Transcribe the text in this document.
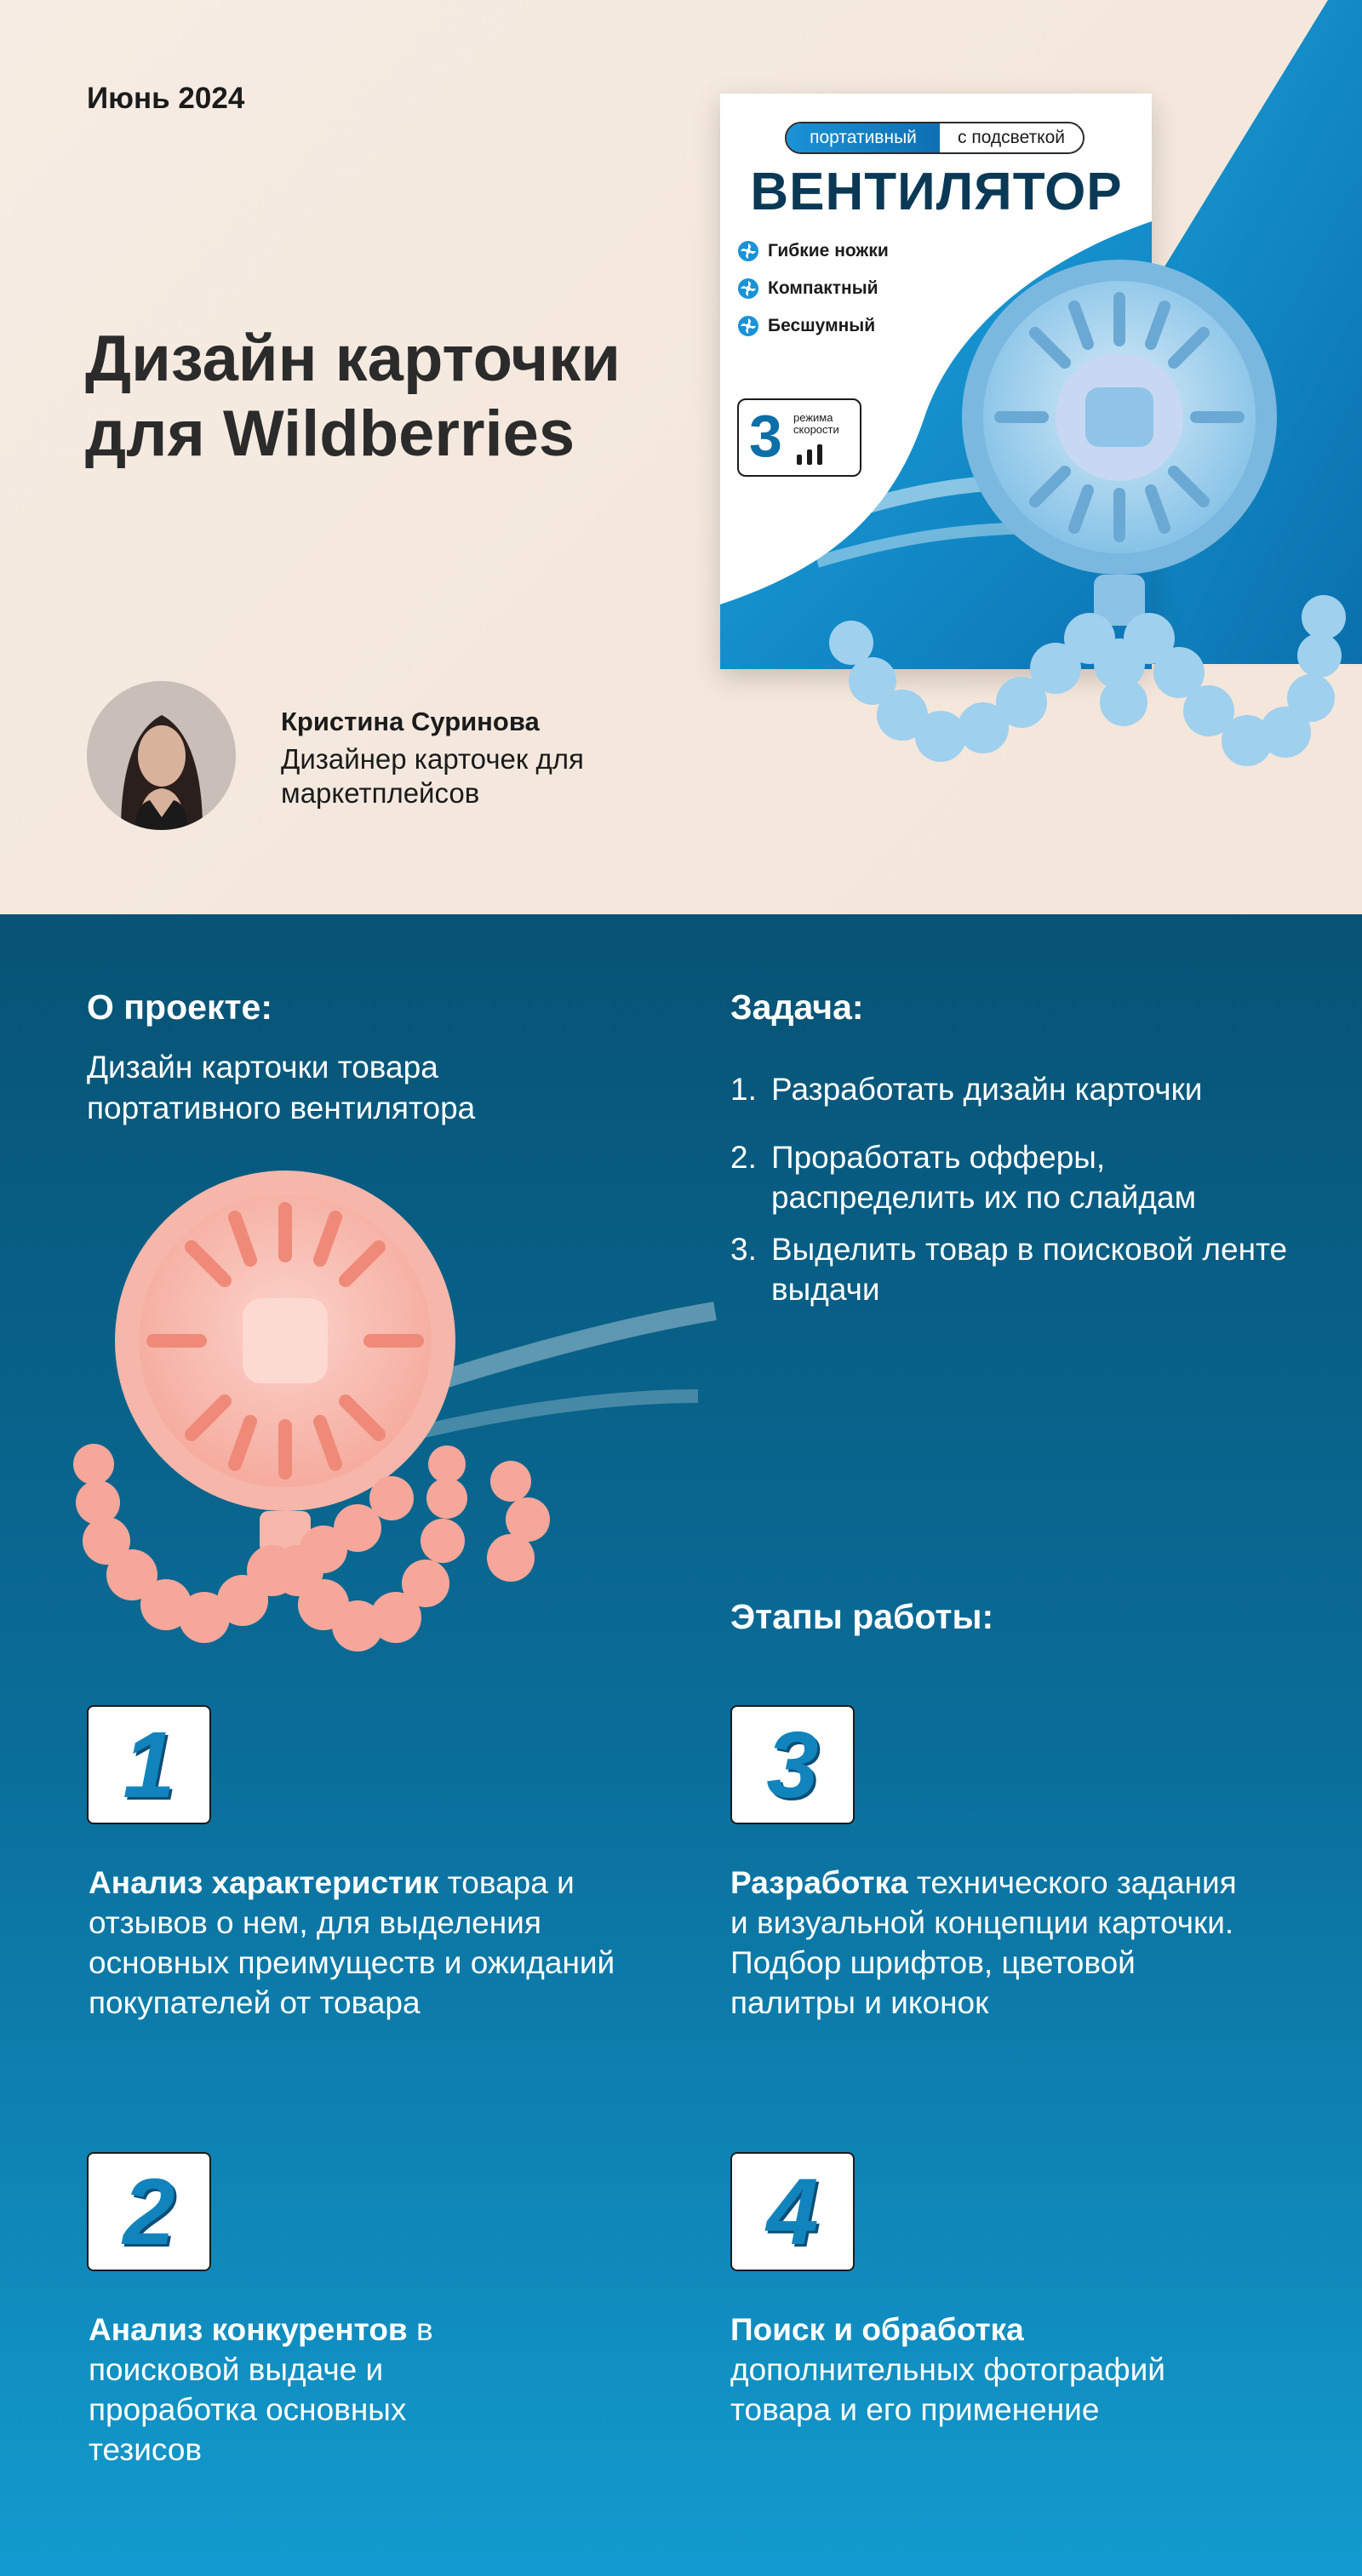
Июнь 2024
Дизайн карточки для Wildberries
Кристина Суринова
Дизайнер карточек для маркетплейсов
портативный	с подсветкой
ВЕНТИЛЯТОР
Гибкие ножки
Компактный
Бесшумный
3 режима скорости
О проекте:
Дизайн карточки товара портативного вентилятора
Задача:
1. Разработать дизайн карточки
2. Проработать офферы, распределить их по слайдам
3. Выделить товар в поисковой ленте выдачи
Этапы работы:
1
Анализ характеристик товара и отзывов о нем, для выделения основных преимуществ и ожиданий покупателей от товара
3
Разработка технического задания и визуальной концепции карточки. Подбор шрифтов, цветовой палитры и иконок
2
Анализ конкурентов в поисковой выдаче и проработка основных тезисов
4
Поиск и обработка дополнительных фотографий товара и его применение
